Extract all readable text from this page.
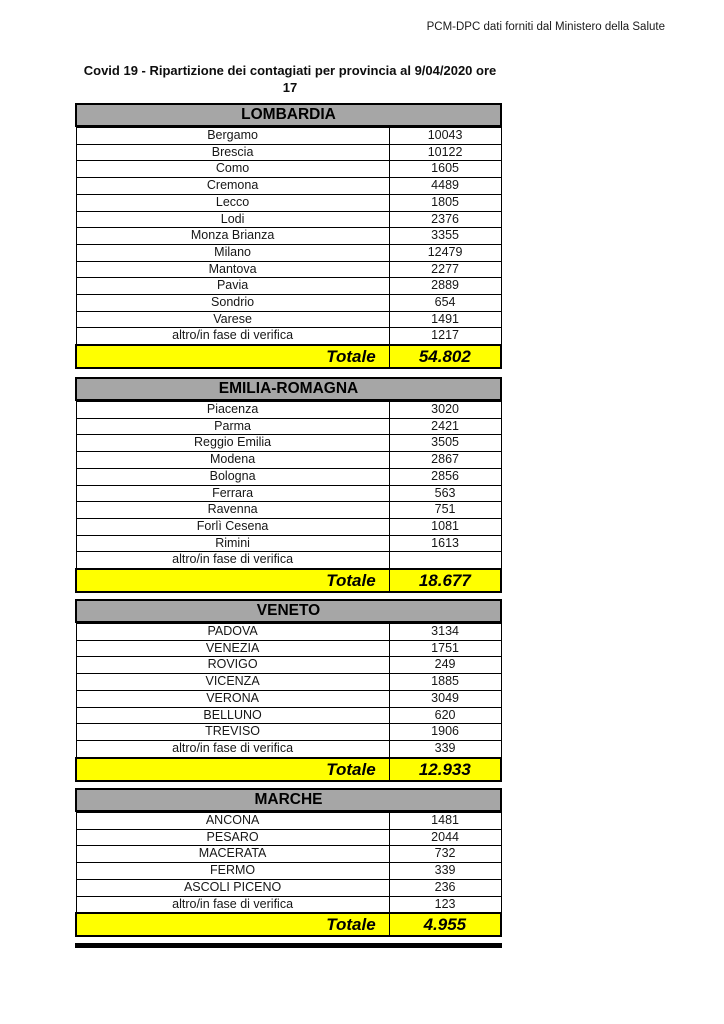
PCM-DPC dati forniti dal Ministero della Salute
Covid 19 - Ripartizione dei contagiati per provincia al 9/04/2020 ore
17
LOMBARDIA
Bergamo	10043
Brescia	10122
Como	1605
Cremona	4489
Lecco	1805
Lodi	2376
Monza Brianza	3355
Milano	12479
Mantova	2277
Pavia	2889
Sondrio	654
Varese	1491
altro/in fase di verifica	1217
Totale	54.802
EMILIA-ROMAGNA
Piacenza	3020
Parma	2421
Reggio Emilia	3505
Modena	2867
Bologna	2856
Ferrara	563
Ravenna	751
Forlì Cesena	1081
Rimini	1613
altro/in fase di verifica	
Totale	18.677
VENETO
PADOVA	3134
VENEZIA	1751
ROVIGO	249
VICENZA	1885
VERONA	3049
BELLUNO	620
TREVISO	1906
altro/in fase di verifica	339
Totale	12.933
MARCHE
ANCONA	1481
PESARO	2044
MACERATA	732
FERMO	339
ASCOLI PICENO	236
altro/in fase di verifica	123
Totale	4.955
